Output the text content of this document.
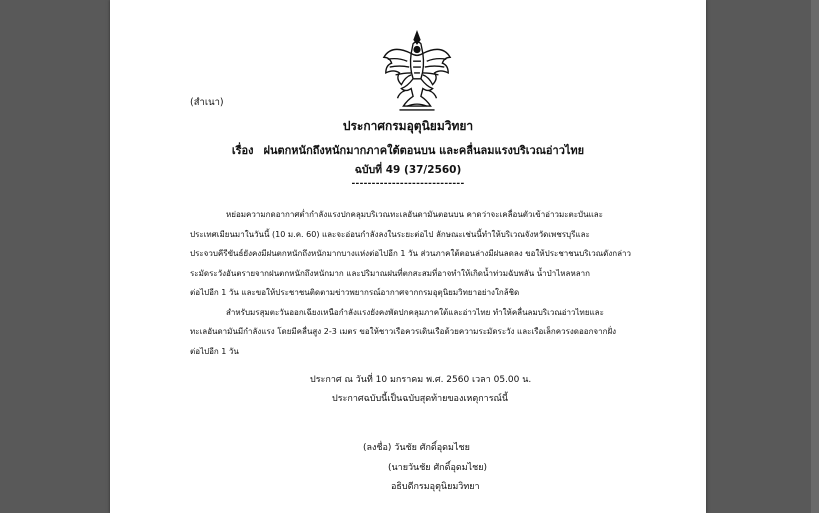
(สำเนา)
ประกาศกรมอุตุนิยมวิทยา
เรื่อง ฝนตกหนักถึงหนักมากภาคใต้ตอนบน และคลื่นลมแรงบริเวณอ่าวไทย
ฉบับที่ 49 (37/2560)
----------------------------
หย่อมความกดอากาศต่ำกำลังแรงปกคลุมบริเวณทะเลอันดามันตอนบน คาดว่าจะเคลื่อนตัวเข้าอ่าวมะตะบันและ
ประเทศเมียนมาในวันนี้ (10 ม.ค. 60) และจะอ่อนกำลังลงในระยะต่อไป ลักษณะเช่นนี้ทำให้บริเวณจังหวัดเพชรบุรีและ
ประจวบคีรีขันธ์ยังคงมีฝนตกหนักถึงหนักมากบางแห่งต่อไปอีก 1 วัน ส่วนภาคใต้ตอนล่างมีฝนลดลง ขอให้ประชาชนบริเวณดังกล่าว
ระมัดระวังอันตรายจากฝนตกหนักถึงหนักมาก และปริมาณฝนที่ตกสะสมที่อาจทำให้เกิดน้ำท่วมฉับพลัน น้ำป่าไหลหลาก
ต่อไปอีก 1 วัน และขอให้ประชาชนติดตามข่าวพยากรณ์อากาศจากกรมอุตุนิยมวิทยาอย่างใกล้ชิด
สำหรับมรสุมตะวันออกเฉียงเหนือกำลังแรงยังคงพัดปกคลุมภาคใต้และอ่าวไทย ทำให้คลื่นลมบริเวณอ่าวไทยและ
ทะเลอันดามันมีกำลังแรง โดยมีคลื่นสูง 2-3 เมตร ขอให้ชาวเรือควรเดินเรือด้วยความระมัดระวัง และเรือเล็กควรงดออกจากฝั่ง
ต่อไปอีก 1 วัน
ประกาศ ณ วันที่ 10 มกราคม พ.ศ. 2560 เวลา 05.00 น.
ประกาศฉบับนี้เป็นฉบับสุดท้ายของเหตุการณ์นี้
(ลงชื่อ) วันชัย ศักดิ์อุดมไชย
(นายวันชัย ศักดิ์อุดมไชย)
อธิบดีกรมอุตุนิยมวิทยา
